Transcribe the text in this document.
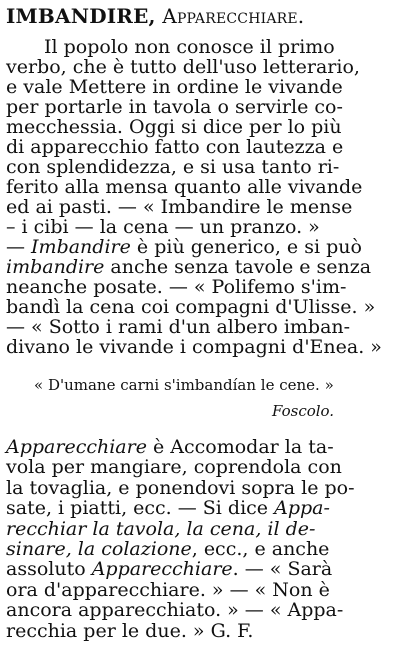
IMBANDIRE, Apparecchiare.
Il popolo non conosce il primo
verbo, che è tutto dell'uso letterario,
e vale Mettere in ordine le vivande
per portarle in tavola o servirle co-
mecchessia. Oggi si dice per lo più
di apparecchio fatto con lautezza e
con splendidezza, e si usa tanto ri-
ferito alla mensa quanto alle vivande
ed ai pasti. — « Imbandire le mense
– i cibi — la cena — un pranzo. »
— Imbandire è più generico, e si può
imbandire anche senza tavole e senza
neanche posate. — « Polifemo s'im-
bandì la cena coi compagni d'Ulisse. »
— « Sotto i rami d'un albero imban-
divano le vivande i compagni d'Enea. »
« D'umane carni s'imbandían le cene. »
Foscolo.
Apparecchiare è Accomodar la ta-
vola per mangiare, coprendola con
la tovaglia, e ponendovi sopra le po-
sate, i piatti, ecc. — Si dice Appa-
recchiar la tavola, la cena, il de-
sinare, la colazione, ecc., e anche
assoluto Apparecchiare. — « Sarà
ora d'apparecchiare. » — « Non è
ancora apparecchiato. » — « Appa-
recchia per le due. » G. F.
